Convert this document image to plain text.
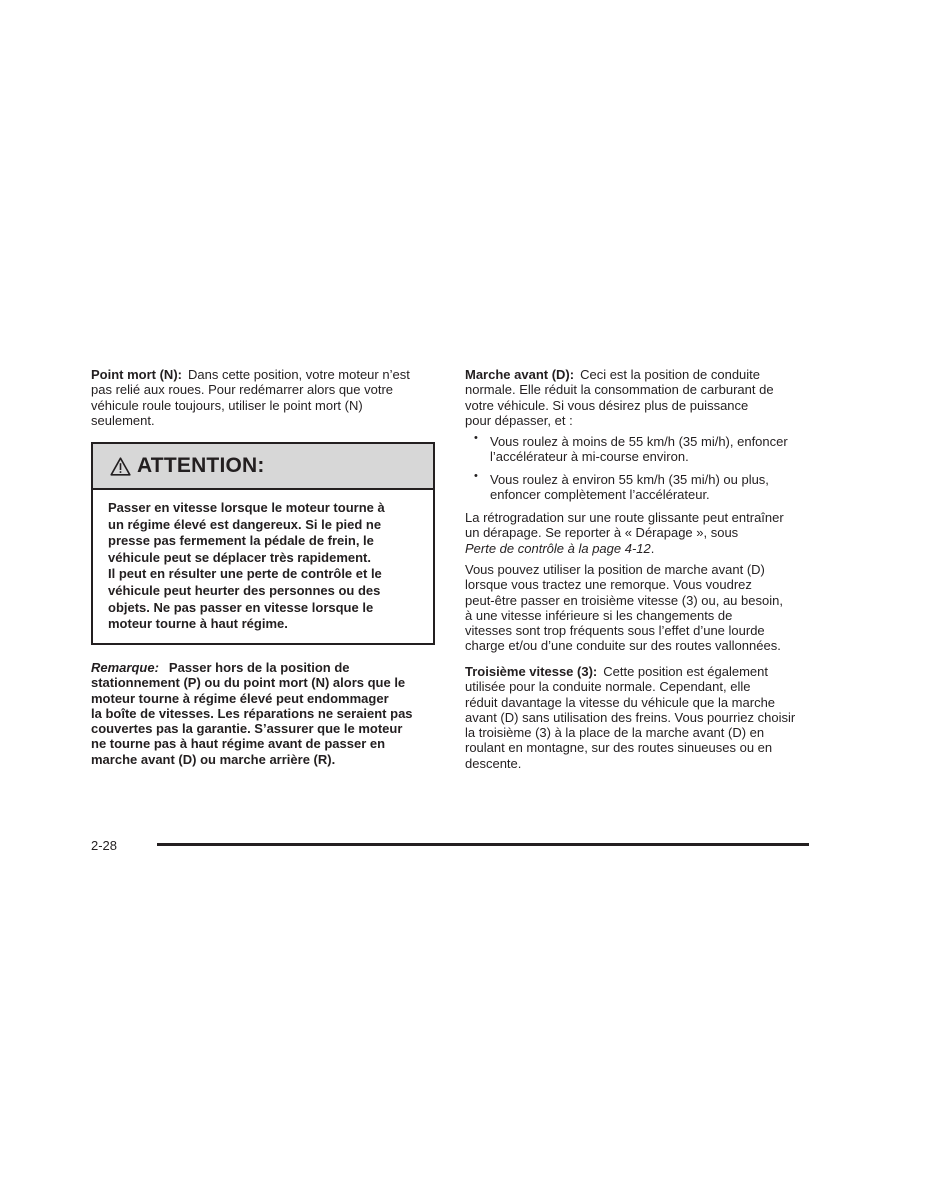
Point mort (N): Dans cette position, votre moteur n’est
pas relié aux roues. Pour redémarrer alors que votre
véhicule roule toujours, utiliser le point mort (N)
seulement.
ATTENTION:
Passer en vitesse lorsque le moteur tourne à
un régime élevé est dangereux. Si le pied ne
presse pas fermement la pédale de frein, le
véhicule peut se déplacer très rapidement.
Il peut en résulter une perte de contrôle et le
véhicule peut heurter des personnes ou des
objets. Ne pas passer en vitesse lorsque le
moteur tourne à haut régime.
Remarque: Passer hors de la position de
stationnement (P) ou du point mort (N) alors que le
moteur tourne à régime élevé peut endommager
la boîte de vitesses. Les réparations ne seraient pas
couvertes pas la garantie. S’assurer que le moteur
ne tourne pas à haut régime avant de passer en
marche avant (D) ou marche arrière (R).
Marche avant (D): Ceci est la position de conduite
normale. Elle réduit la consommation de carburant de
votre véhicule. Si vous désirez plus de puissance
pour dépasser, et :
• Vous roulez à moins de 55 km/h (35 mi/h), enfoncer
l’accélérateur à mi-course environ.
• Vous roulez à environ 55 km/h (35 mi/h) ou plus,
enfoncer complètement l’accélérateur.
La rétrogradation sur une route glissante peut entraîner
un dérapage. Se reporter à « Dérapage », sous
Perte de contrôle à la page 4-12.
Vous pouvez utiliser la position de marche avant (D)
lorsque vous tractez une remorque. Vous voudrez
peut-être passer en troisième vitesse (3) ou, au besoin,
à une vitesse inférieure si les changements de
vitesses sont trop fréquents sous l’effet d’une lourde
charge et/ou d’une conduite sur des routes vallonnées.
Troisième vitesse (3): Cette position est également
utilisée pour la conduite normale. Cependant, elle
réduit davantage la vitesse du véhicule que la marche
avant (D) sans utilisation des freins. Vous pourriez choisir
la troisième (3) à la place de la marche avant (D) en
roulant en montagne, sur des routes sinueuses ou en
descente.
2-28
